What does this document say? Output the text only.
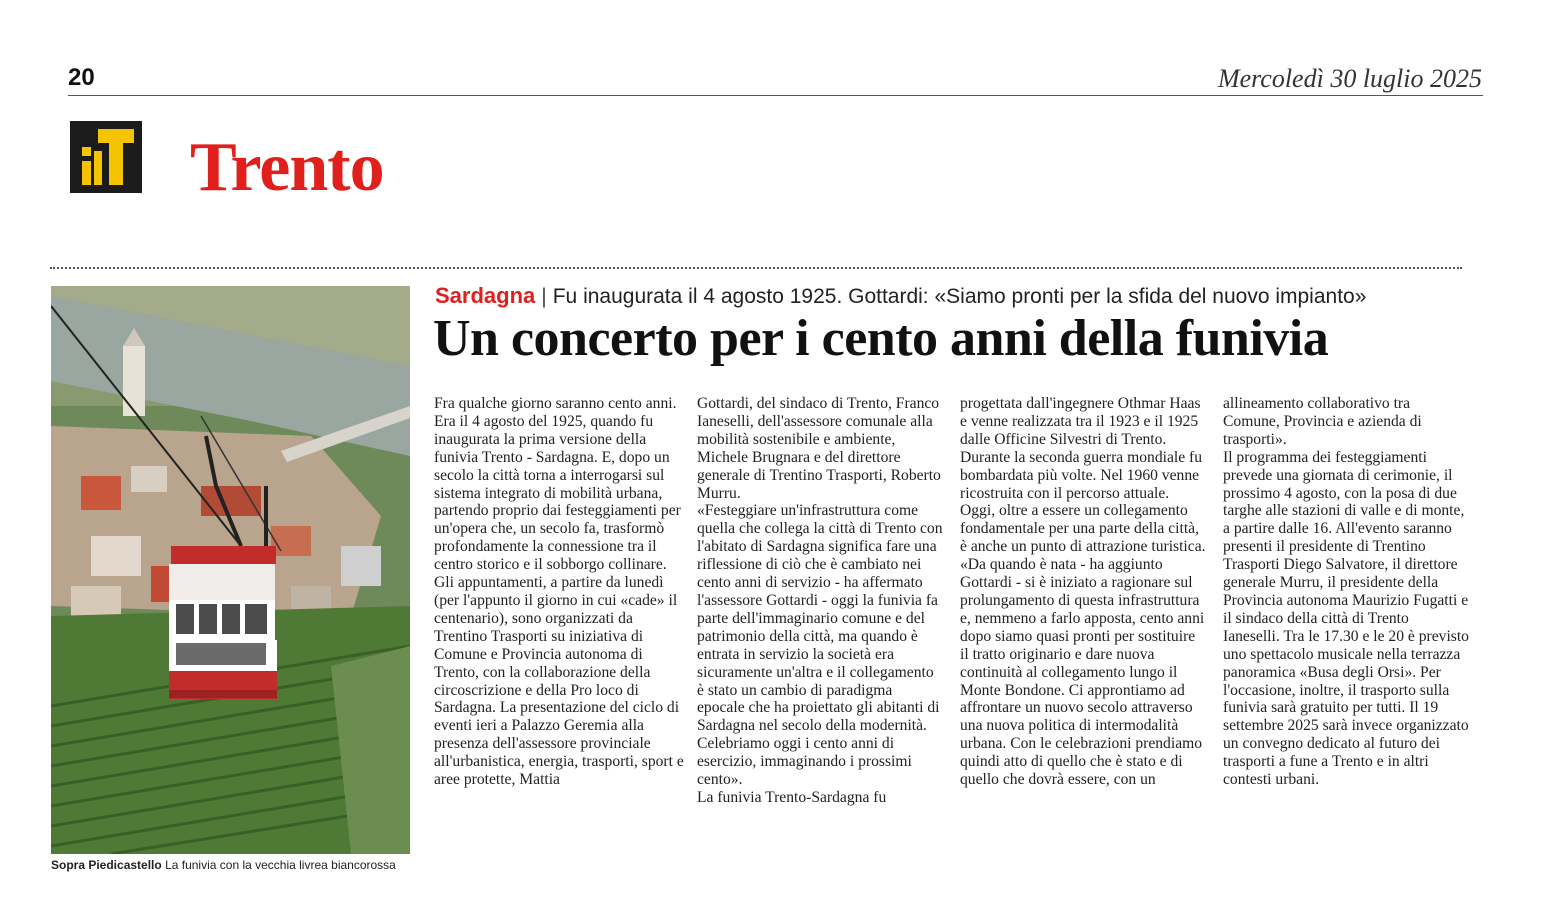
20	Mercoledì 30 luglio 2025
Trento
Sopra Piedicastello La funivia con la vecchia livrea biancorossa
Sardagna | Fu inaugurata il 4 agosto 1925. Gottardi: «Siamo pronti per la sfida del nuovo impianto»
Un concerto per i cento anni della funivia

Fra qualche giorno saranno cento anni. Era il 4 agosto del 1925, quando fu inaugurata la prima versione della funivia Trento - Sardagna. E, dopo un secolo la città torna a interrogarsi sul sistema integrato di mobilità urbana, partendo proprio dai festeggiamenti per un'opera che, un secolo fa, trasformò profondamente la connessione tra il centro storico e il sobborgo collinare. Gli appuntamenti, a partire da lunedì (per l'appunto il giorno in cui «cade» il centenario), sono organizzati da Trentino Trasporti su iniziativa di Comune e Provincia autonoma di Trento, con la collaborazione della circoscrizione e della Pro loco di Sardagna. La presentazione del ciclo di eventi ieri a Palazzo Geremia alla presenza dell'assessore provinciale all'urbanistica, energia, trasporti, sport e aree protette, Mattia

Gottardi, del sindaco di Trento, Franco Ianeselli, dell'assessore comunale alla mobilità sostenibile e ambiente, Michele Brugnara e del direttore generale di Trentino Trasporti, Roberto Murru.

«Festeggiare un'infrastruttura come quella che collega la città di Trento con l'abitato di Sardagna significa fare una riflessione di ciò che è cambiato nei cento anni di servizio - ha affermato l'assessore Gottardi - oggi la funivia fa parte dell'immaginario comune e del patrimonio della città, ma quando è entrata in servizio la società era sicuramente un'altra e il collegamento è stato un cambio di paradigma epocale che ha proiettato gli abitanti di Sardagna nel secolo della modernità. Celebriamo oggi i cento anni di esercizio, immaginando i prossimi cento».

La funivia Trento-Sardagna fu

progettata dall'ingegnere Othmar Haas e venne realizzata tra il 1923 e il 1925 dalle Officine Silvestri di Trento. Durante la seconda guerra mondiale fu bombardata più volte. Nel 1960 venne ricostruita con il percorso attuale. Oggi, oltre a essere un collegamento fondamentale per una parte della città, è anche un punto di attrazione turistica.

«Da quando è nata - ha aggiunto Gottardi - si è iniziato a ragionare sul prolungamento di questa infrastruttura e, nemmeno a farlo apposta, cento anni dopo siamo quasi pronti per sostituire il tratto originario e dare nuova continuità al collegamento lungo il Monte Bondone. Ci approntiamo ad affrontare un nuovo secolo attraverso una nuova politica di intermodalità urbana. Con le celebrazioni prendiamo quindi atto di quello che è stato e di quello che dovrà essere, con un

allineamento collaborativo tra Comune, Provincia e azienda di trasporti».

Il programma dei festeggiamenti prevede una giornata di cerimonie, il prossimo 4 agosto, con la posa di due targhe alle stazioni di valle e di monte, a partire dalle 16. All'evento saranno presenti il presidente di Trentino Trasporti Diego Salvatore, il direttore generale Murru, il presidente della Provincia autonoma Maurizio Fugatti e il sindaco della città di Trento Ianeselli. Tra le 17.30 e le 20 è previsto uno spettacolo musicale nella terrazza panoramica «Busa degli Orsi». Per l'occasione, inoltre, il trasporto sulla funivia sarà gratuito per tutti. Il 19 settembre 2025 sarà invece organizzato un convegno dedicato al futuro dei trasporti a fune a Trento e in altri contesti urbani.
